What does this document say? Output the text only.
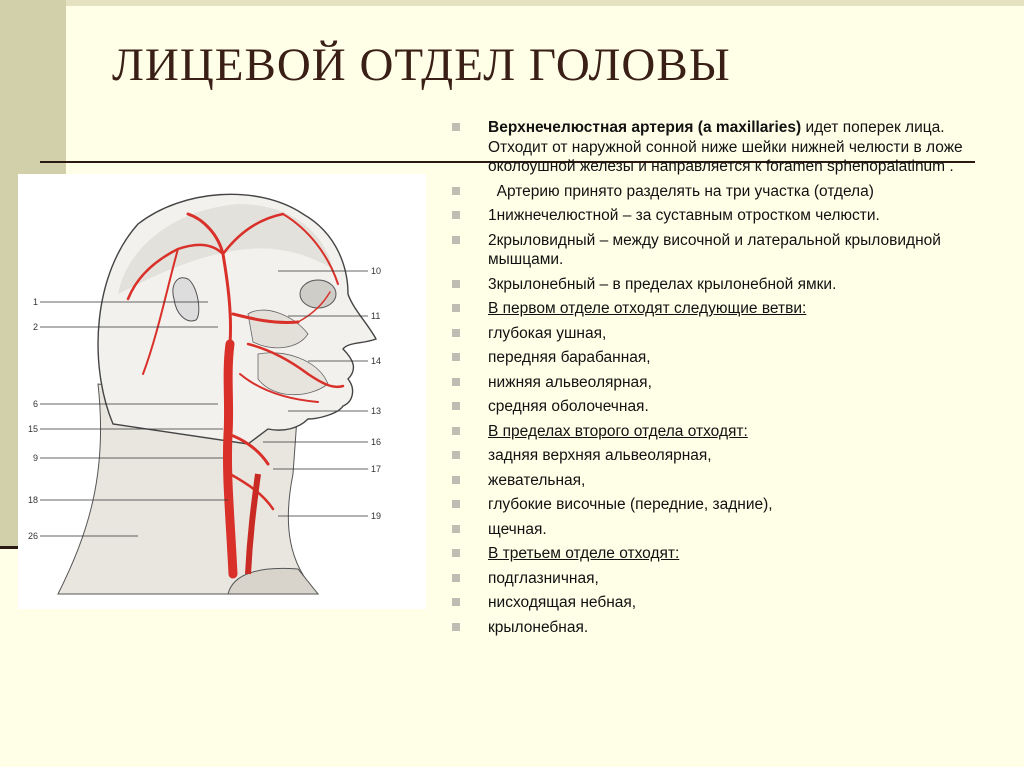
ЛИЦЕВОЙ ОТДЕЛ ГОЛОВЫ
1
2
6
15
9
18
26
10
11
14
13
16
17
19
Верхнечелюстная артерия (a maxillaries) идет поперек лица. Отходит от наружной сонной ниже шейки нижней челюсти в ложе околоушной железы и направляется к foramen sphenopalatinum .
Артерию принято разделять на три участка (отдела)
1нижнечелюстной – за суставным отростком челюсти.
2крыловидный – между височной и латеральной крыловидной мышцами.
3крылонебный – в пределах крылонебной ямки.
В первом отделе отходят следующие ветви:
глубокая ушная,
передняя барабанная,
нижняя альвеолярная,
средняя оболочечная.
В пределах второго отдела отходят:
задняя верхняя альвеолярная,
жевательная,
глубокие височные (передние, задние),
щечная.
В третьем отделе отходят:
подглазничная,
нисходящая небная,
крылонебная.
